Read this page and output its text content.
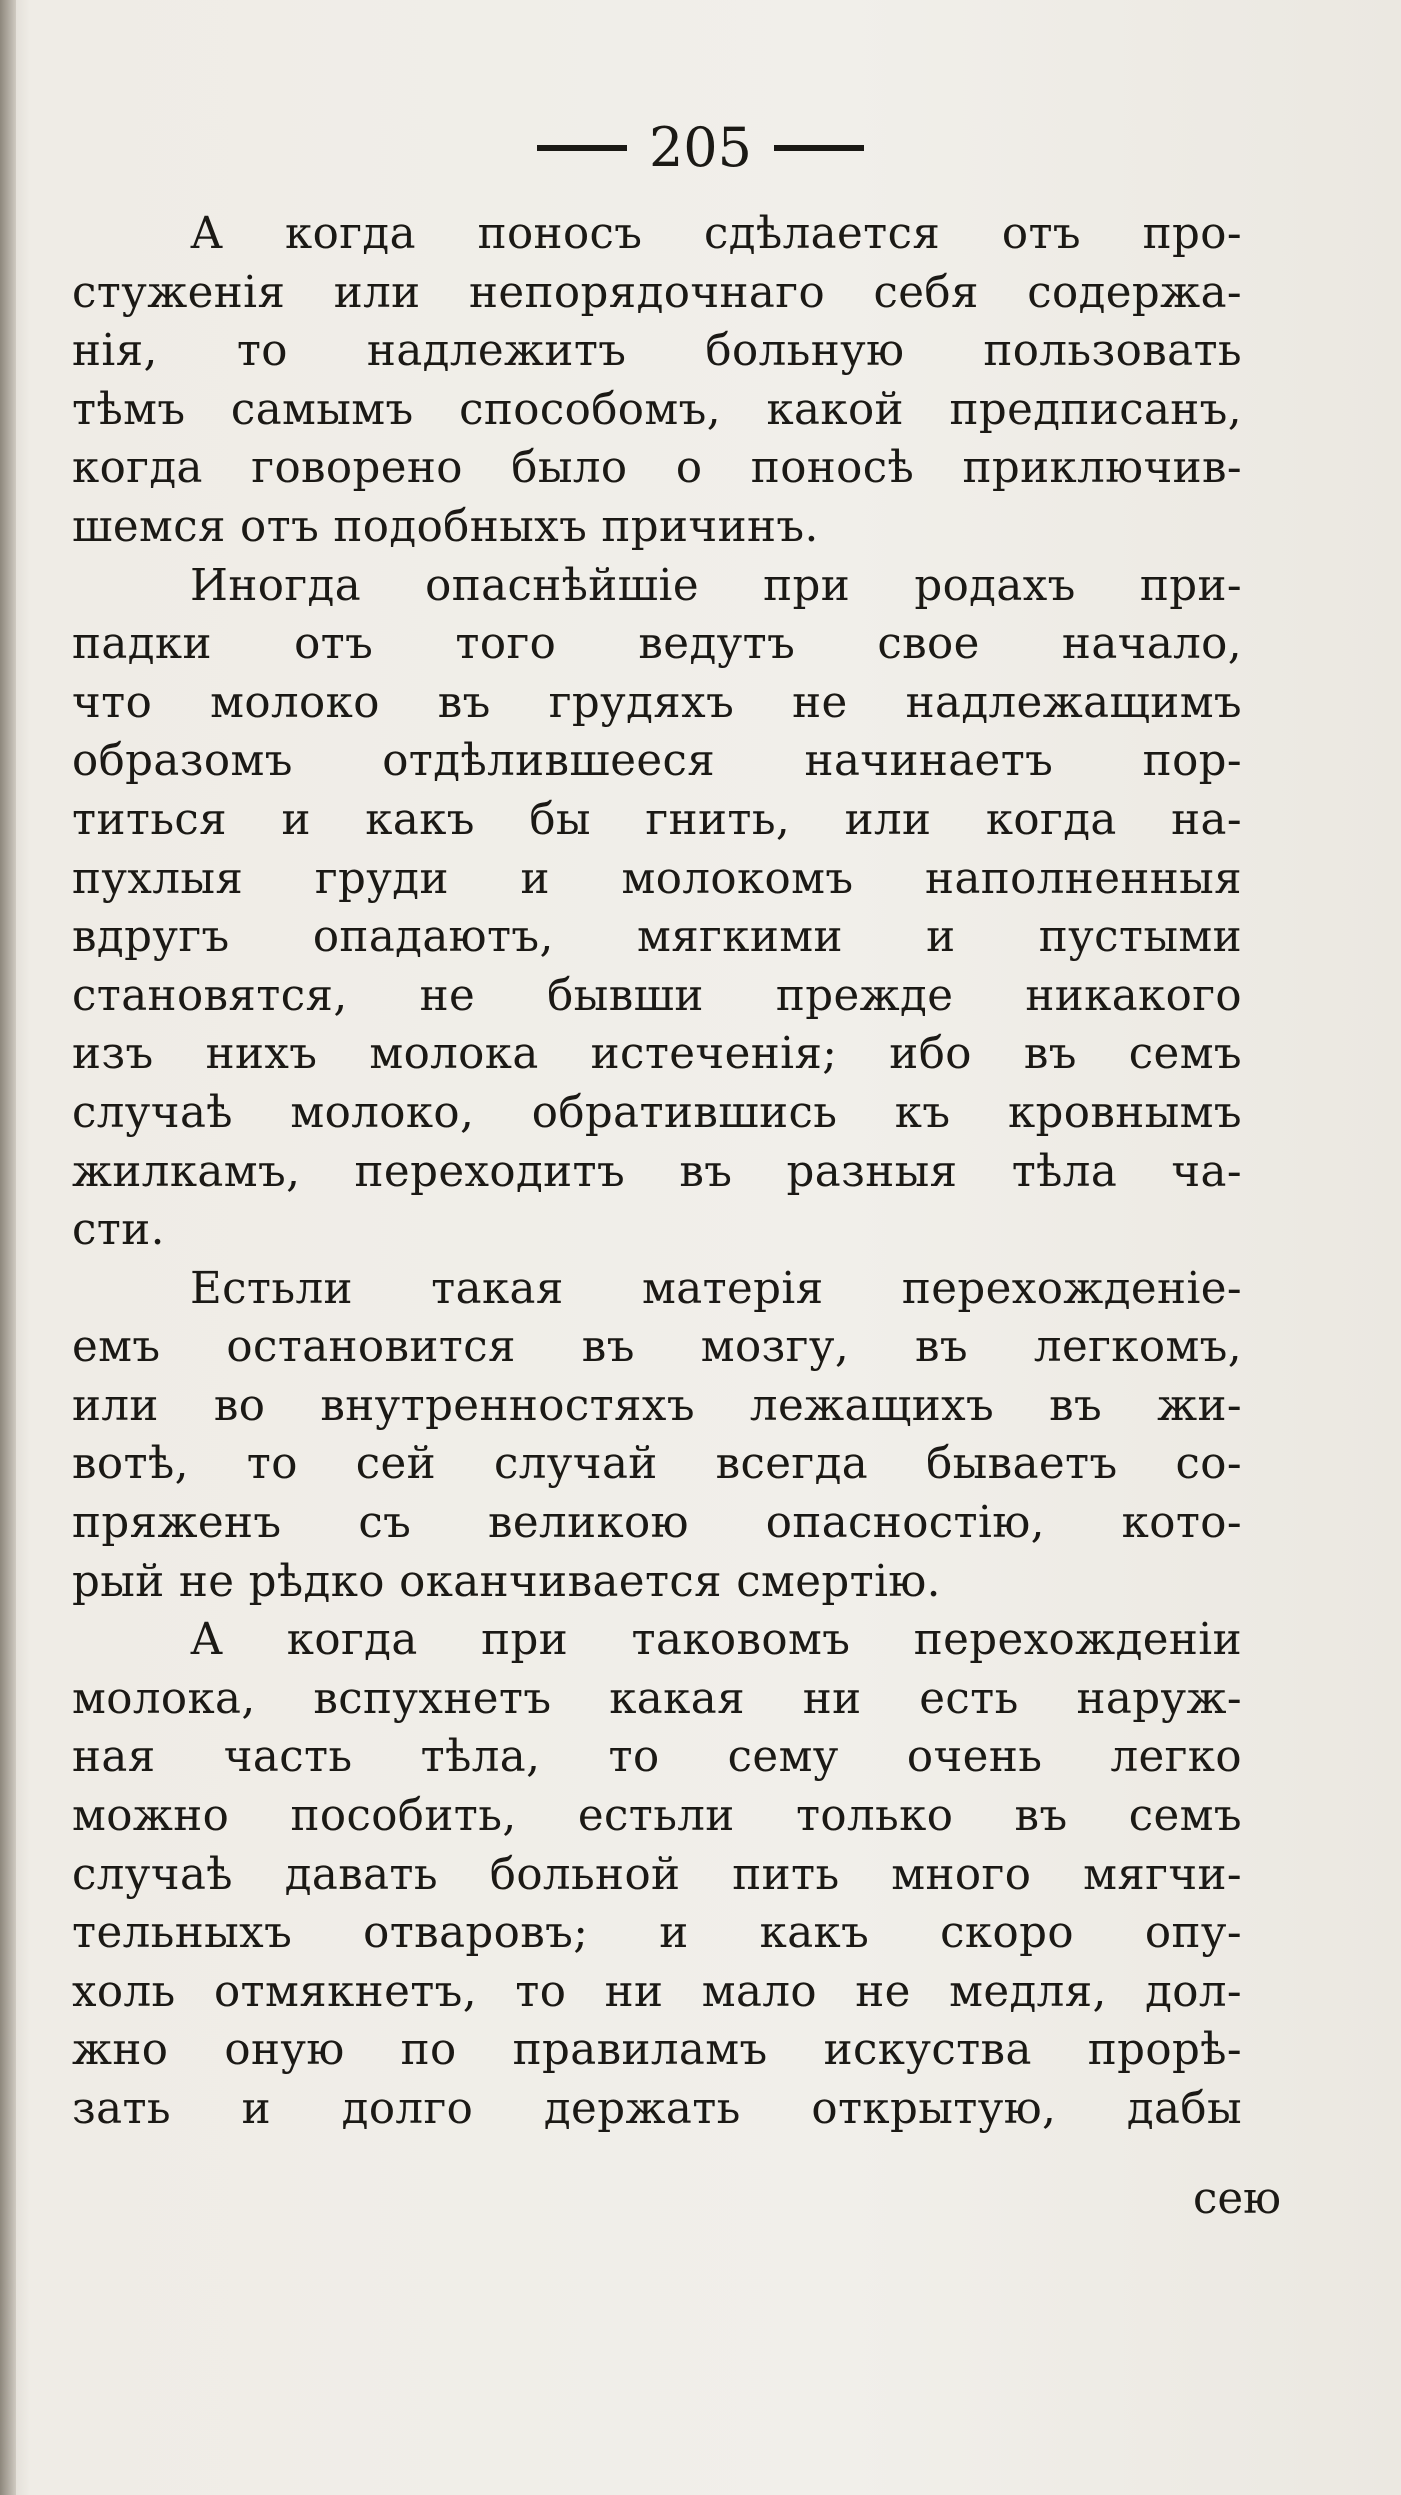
205
А когда поносъ сдѣлается отъ про-
стуженія или непорядочнаго себя содержа-
нія, то надлежитъ больную пользовать
тѣмъ самымъ способомъ, какой предписанъ,
когда говорено было о поносѣ приключив-
шемся отъ подобныхъ причинъ.
Иногда опаснѣйшіе при родахъ при-
падки отъ того ведутъ свое начало,
что молоко въ грудяхъ не надлежащимъ
образомъ отдѣлившееся начинаетъ пор-
титься и какъ бы гнить, или когда на-
пухлыя груди и молокомъ наполненныя
вдругъ опадаютъ, мягкими и пустыми
становятся, не бывши прежде никакого
изъ нихъ молока истеченія; ибо въ семъ
случаѣ молоко, обратившись къ кровнымъ
жилкамъ, переходитъ въ разныя тѣла ча-
сти.
Естьли такая матерія перехожденіе-
емъ остановится въ мозгу, въ легкомъ,
или во внутренностяхъ лежащихъ въ жи-
вотѣ, то сей случай всегда бываетъ со-
пряженъ съ великою опасностію, кото-
рый не рѣдко оканчивается смертію.
А когда при таковомъ перехожденіи
молока, вспухнетъ какая ни есть наруж-
ная часть тѣла, то сему очень легко
можно пособить, естьли только въ семъ
случаѣ давать больной пить много мягчи-
тельныхъ отваровъ; и какъ скоро опу-
холь отмякнетъ, то ни мало не медля, дол-
жно оную по правиламъ искуства прорѣ-
зать и долго держать открытую, дабы
сею
